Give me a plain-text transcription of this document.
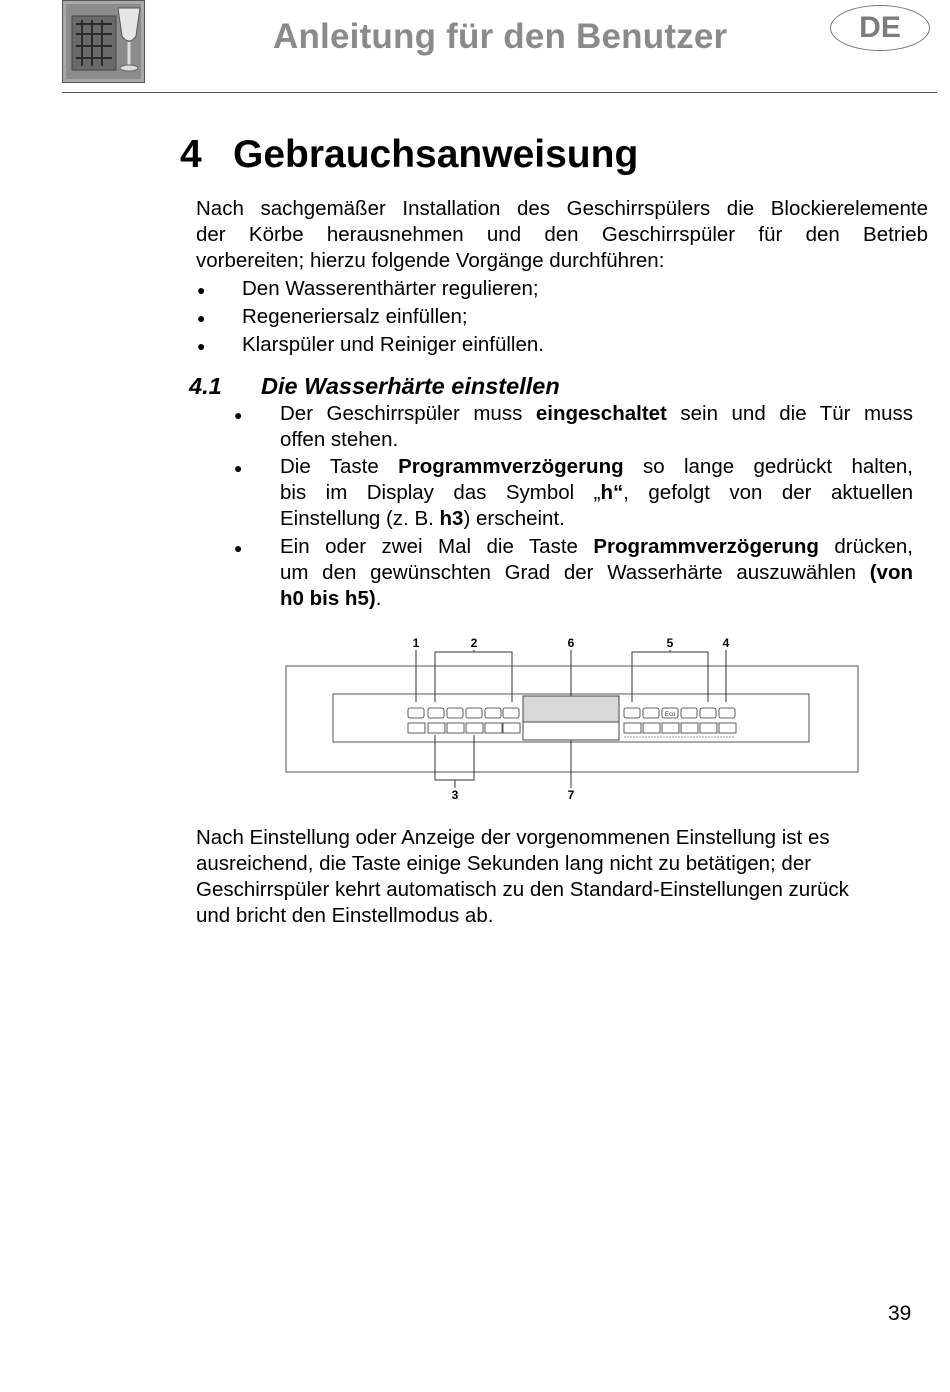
Anleitung für den Benutzer	DE
4 Gebrauchsanweisung
Nach sachgemäßer Installation des Geschirrspülers die Blockierelemente
der Körbe herausnehmen und den Geschirrspüler für den Betrieb
vorbereiten; hierzu folgende Vorgänge durchführen:
● Den Wasserenthärter regulieren;
● Regeneriersalz einfüllen;
● Klarspüler und Reiniger einfüllen.
4.1 Die Wasserhärte einstellen
● Der Geschirrspüler muss eingeschaltet sein und die Tür muss
offen stehen.
● Die Taste Programmverzögerung so lange gedrückt halten,
bis im Display das Symbol „h“, gefolgt von der aktuellen
Einstellung (z. B. h3) erscheint.
● Ein oder zwei Mal die Taste Programmverzögerung drücken,
um den gewünschten Grad der Wasserhärte auszuwählen (von
h0 bis h5).
Eco
1	2	6	5	4
3	7
Nach Einstellung oder Anzeige der vorgenommenen Einstellung ist es
ausreichend, die Taste einige Sekunden lang nicht zu betätigen; der
Geschirrspüler kehrt automatisch zu den Standard-Einstellungen zurück
und bricht den Einstellmodus ab.
39
